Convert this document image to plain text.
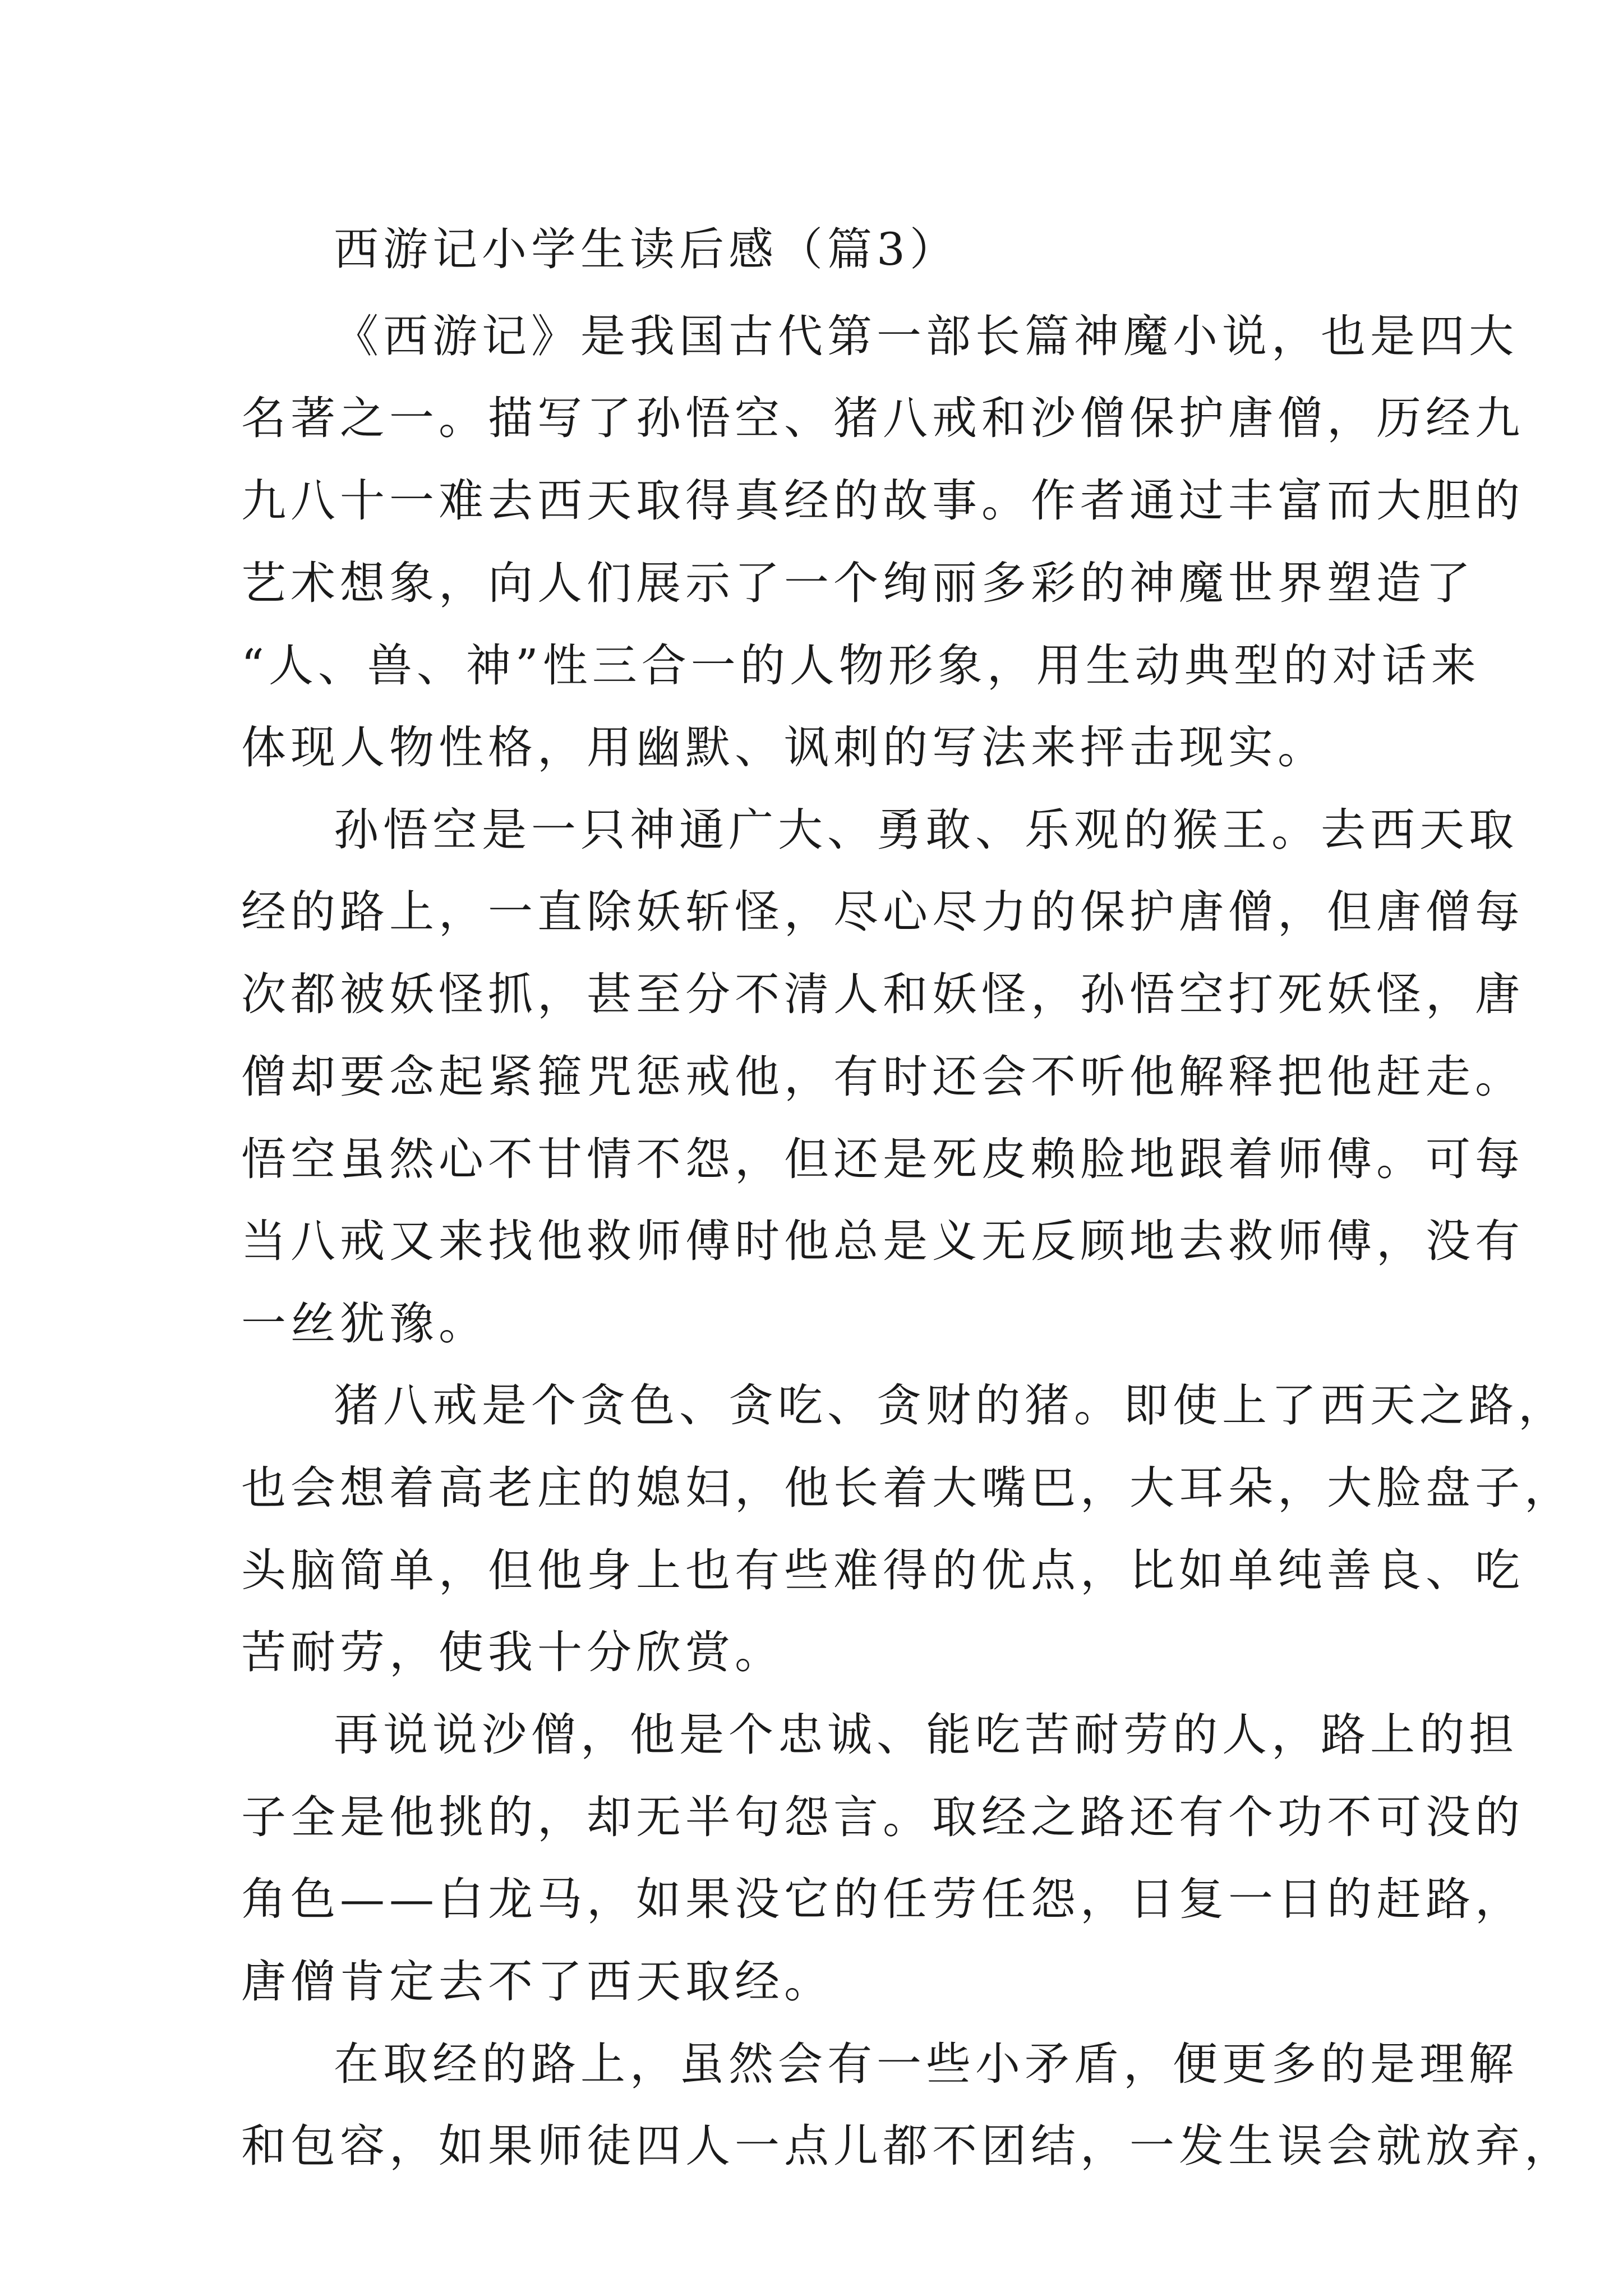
西游记小学生读后感（篇3）
《西游记》是我国古代第一部长篇神魔小说，也是四大
名著之一。描写了孙悟空、猪八戒和沙僧保护唐僧，历经九
九八十一难去西天取得真经的故事。作者通过丰富而大胆的
艺术想象，向人们展示了一个绚丽多彩的神魔世界塑造了
“人、兽、神”性三合一的人物形象，用生动典型的对话来
体现人物性格，用幽默、讽刺的写法来抨击现实。
孙悟空是一只神通广大、勇敢、乐观的猴王。去西天取
经的路上，一直除妖斩怪，尽心尽力的保护唐僧，但唐僧每
次都被妖怪抓，甚至分不清人和妖怪，孙悟空打死妖怪，唐
僧却要念起紧箍咒惩戒他，有时还会不听他解释把他赶走。
悟空虽然心不甘情不怨，但还是死皮赖脸地跟着师傅。可每
当八戒又来找他救师傅时他总是义无反顾地去救师傅，没有
一丝犹豫。
猪八戒是个贪色、贪吃、贪财的猪。即使上了西天之路，
也会想着高老庄的媳妇，他长着大嘴巴，大耳朵，大脸盘子，
头脑简单，但他身上也有些难得的优点，比如单纯善良、吃
苦耐劳，使我十分欣赏。
再说说沙僧，他是个忠诚、能吃苦耐劳的人，路上的担
子全是他挑的，却无半句怨言。取经之路还有个功不可没的
角色——白龙马，如果没它的任劳任怨，日复一日的赶路，
唐僧肯定去不了西天取经。
在取经的路上，虽然会有一些小矛盾，便更多的是理解
和包容，如果师徒四人一点儿都不团结，一发生误会就放弃，
